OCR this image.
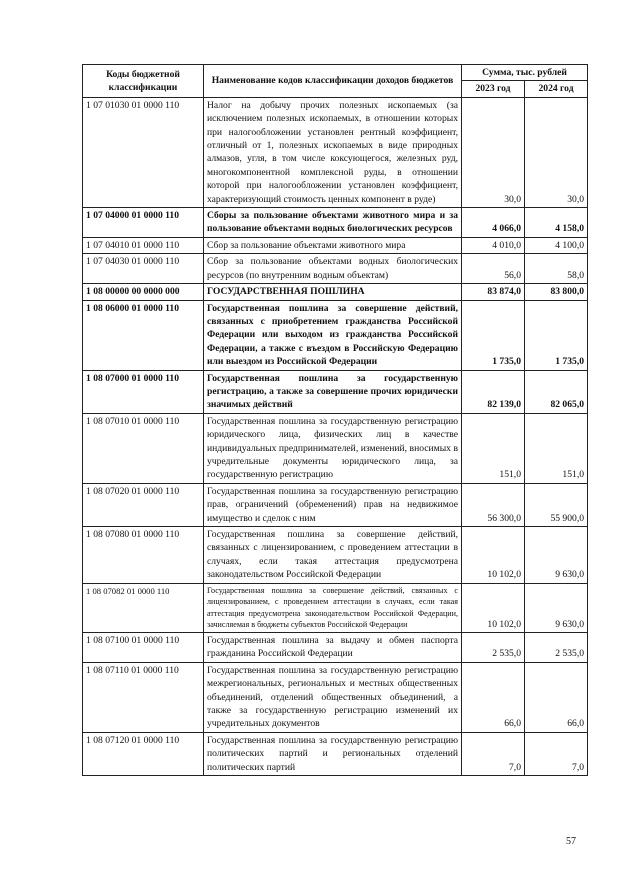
Коды бюджетной классификации	Наименование кодов классификации доходов бюджетов	Сумма, тыс. рублей	
		2023 год	2024 год
1 07 01030 01 0000 110	Налог на добычу прочих полезных ископаемых (за исключением полезных ископаемых, в отношении которых при налогообложении установлен рентный коэффициент, отличный от 1, полезных ископаемых в виде природных алмазов, угля, в том числе коксующегося, железных руд, многокомпонентной комплексной руды, в отношении которой при налогообложении установлен коэффициент, характеризующий стоимость ценных компонент в руде)	30,0	30,0
1 07 04000 01 0000 110	Сборы за пользование объектами животного мира и за пользование объектами водных биологических ресурсов	4 066,0	4 158,0
1 07 04010 01 0000 110	Сбор за пользование объектами животного мира	4 010,0	4 100,0
1 07 04030 01 0000 110	Сбор за пользование объектами водных биологических ресурсов (по внутренним водным объектам)	56,0	58,0
1 08 00000 00 0000 000	ГОСУДАРСТВЕННАЯ ПОШЛИНА	83 874,0	83 800,0
1 08 06000 01 0000 110	Государственная пошлина за совершение действий, связанных с приобретением гражданства Российской Федерации или выходом из гражданства Российской Федерации, а также с въездом в Российскую Федерацию или выездом из Российской Федерации	1 735,0	1 735,0
1 08 07000 01 0000 110	Государственная пошлина за государственную регистрацию, а также за совершение прочих юридически значимых действий	82 139,0	82 065,0
1 08 07010 01 0000 110	Государственная пошлина за государственную регистрацию юридического лица, физических лиц в качестве индивидуальных предпринимателей, изменений, вносимых в учредительные документы юридического лица, за государственную регистрацию	151,0	151,0
1 08 07020 01 0000 110	Государственная пошлина за государственную регистрацию прав, ограничений (обременений) прав на недвижимое имущество и сделок с ним	56 300,0	55 900,0
1 08 07080 01 0000 110	Государственная пошлина за совершение действий, связанных с лицензированием, с проведением аттестации в случаях, если такая аттестация предусмотрена законодательством Российской Федерации	10 102,0	9 630,0
1 08 07082 01 0000 110	Государственная пошлина за совершение действий, связанных с лицензированием, с проведением аттестации в случаях, если такая аттестация предусмотрена законодательством Российской Федерации, зачисляемая в бюджеты субъектов Российской Федерации	10 102,0	9 630,0
1 08 07100 01 0000 110	Государственная пошлина за выдачу и обмен паспорта гражданина Российской Федерации	2 535,0	2 535,0
1 08 07110 01 0000 110	Государственная пошлина за государственную регистрацию межрегиональных, региональных и местных общественных объединений, отделений общественных объединений, а также за государственную регистрацию изменений их учредительных документов	66,0	66,0
1 08 07120 01 0000 110	Государственная пошлина за государственную регистрацию политических партий и региональных отделений политических партий	7,0	7,0
57
